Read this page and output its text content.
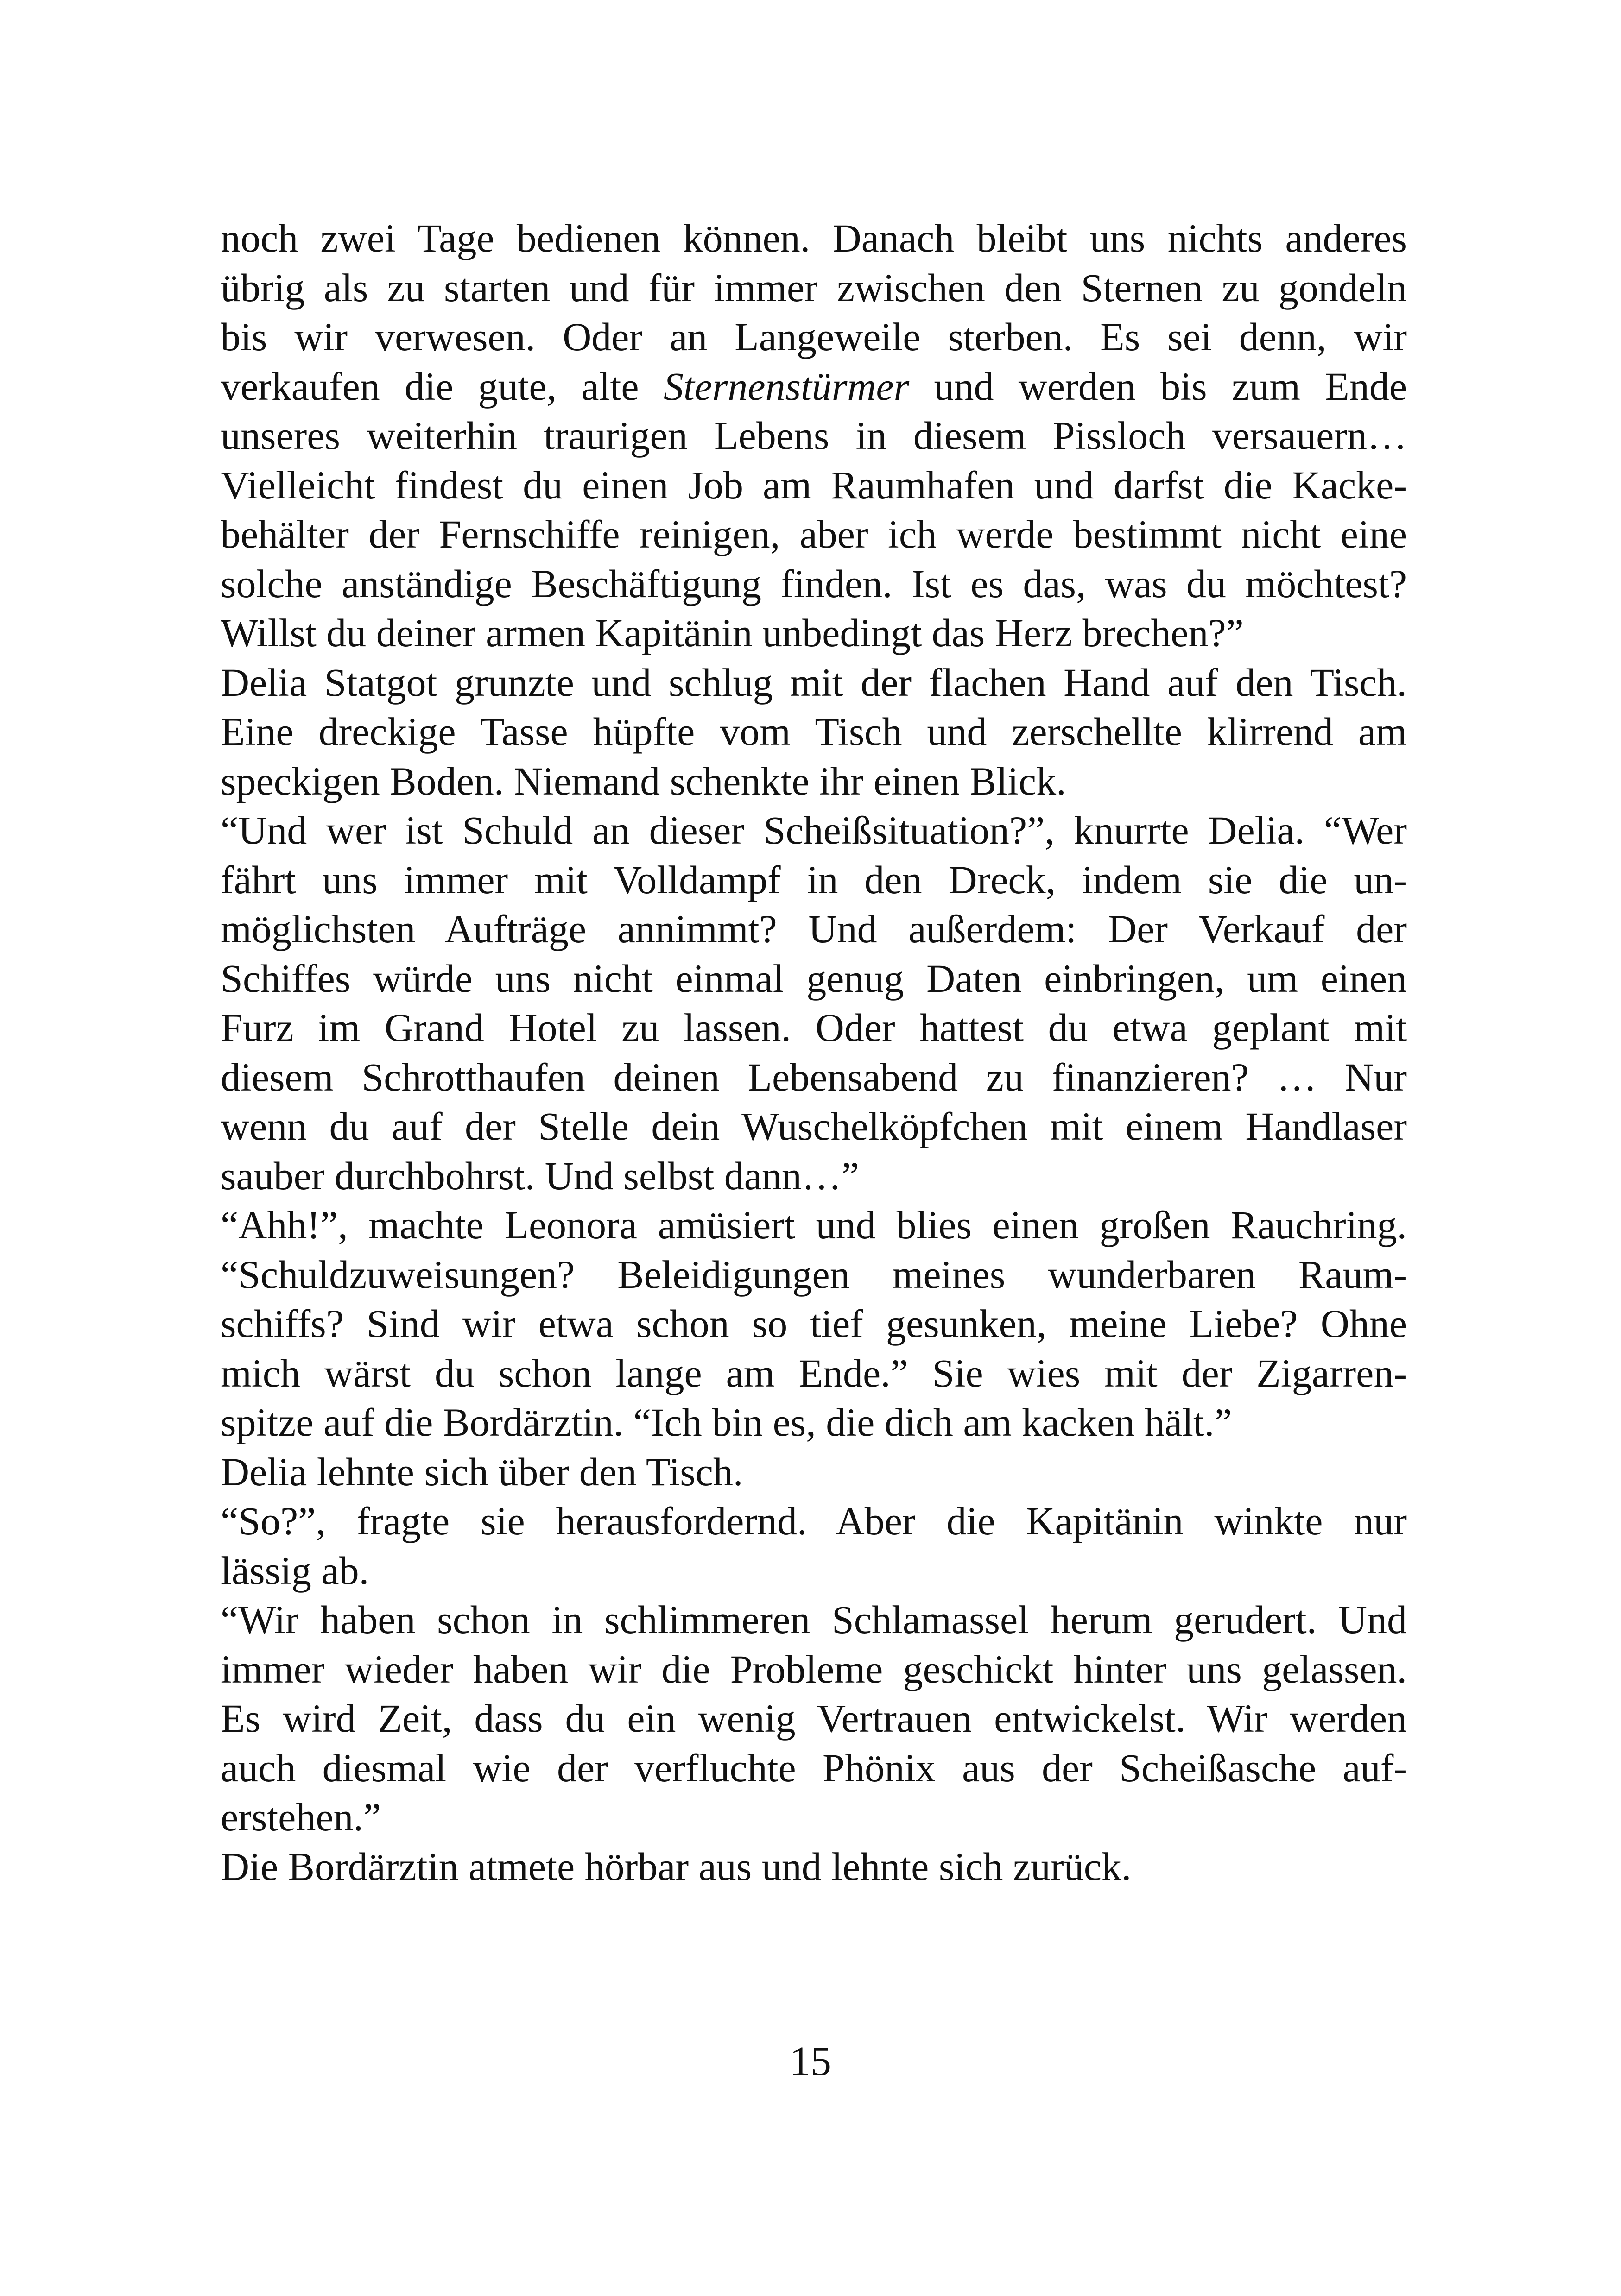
noch zwei Tage bedienen können. Danach bleibt uns nichts anderes
übrig als zu starten und für immer zwischen den Sternen zu gondeln
bis wir verwesen. Oder an Langeweile sterben. Es sei denn, wir
verkaufen die gute, alte Sternenstürmer und werden bis zum Ende
unseres weiterhin traurigen Lebens in diesem Pissloch versauern…
Vielleicht findest du einen Job am Raumhafen und darfst die Kacke-
behälter der Fernschiffe reinigen, aber ich werde bestimmt nicht eine
solche anständige Beschäftigung finden. Ist es das, was du möchtest?
Willst du deiner armen Kapitänin unbedingt das Herz brechen?”
Delia Statgot grunzte und schlug mit der flachen Hand auf den Tisch.
Eine dreckige Tasse hüpfte vom Tisch und zerschellte klirrend am
speckigen Boden. Niemand schenkte ihr einen Blick.
“Und wer ist Schuld an dieser Scheißsituation?”, knurrte Delia. “Wer
fährt uns immer mit Volldampf in den Dreck, indem sie die un-
möglichsten Aufträge annimmt? Und außerdem: Der Verkauf der
Schiffes würde uns nicht einmal genug Daten einbringen, um einen
Furz im Grand Hotel zu lassen. Oder hattest du etwa geplant mit
diesem Schrotthaufen deinen Lebensabend zu finanzieren? … Nur
wenn du auf der Stelle dein Wuschelköpfchen mit einem Handlaser
sauber durchbohrst. Und selbst dann…”
“Ahh!”, machte Leonora amüsiert und blies einen großen Rauchring.
“Schuldzuweisungen? Beleidigungen meines wunderbaren Raum-
schiffs? Sind wir etwa schon so tief gesunken, meine Liebe? Ohne
mich wärst du schon lange am Ende.” Sie wies mit der Zigarren-
spitze auf die Bordärztin. “Ich bin es, die dich am kacken hält.”
Delia lehnte sich über den Tisch.
“So?”, fragte sie herausfordernd. Aber die Kapitänin winkte nur
lässig ab.
“Wir haben schon in schlimmeren Schlamassel herum gerudert. Und
immer wieder haben wir die Probleme geschickt hinter uns gelassen.
Es wird Zeit, dass du ein wenig Vertrauen entwickelst. Wir werden
auch diesmal wie der verfluchte Phönix aus der Scheißasche auf-
erstehen.”
Die Bordärztin atmete hörbar aus und lehnte sich zurück.
15
